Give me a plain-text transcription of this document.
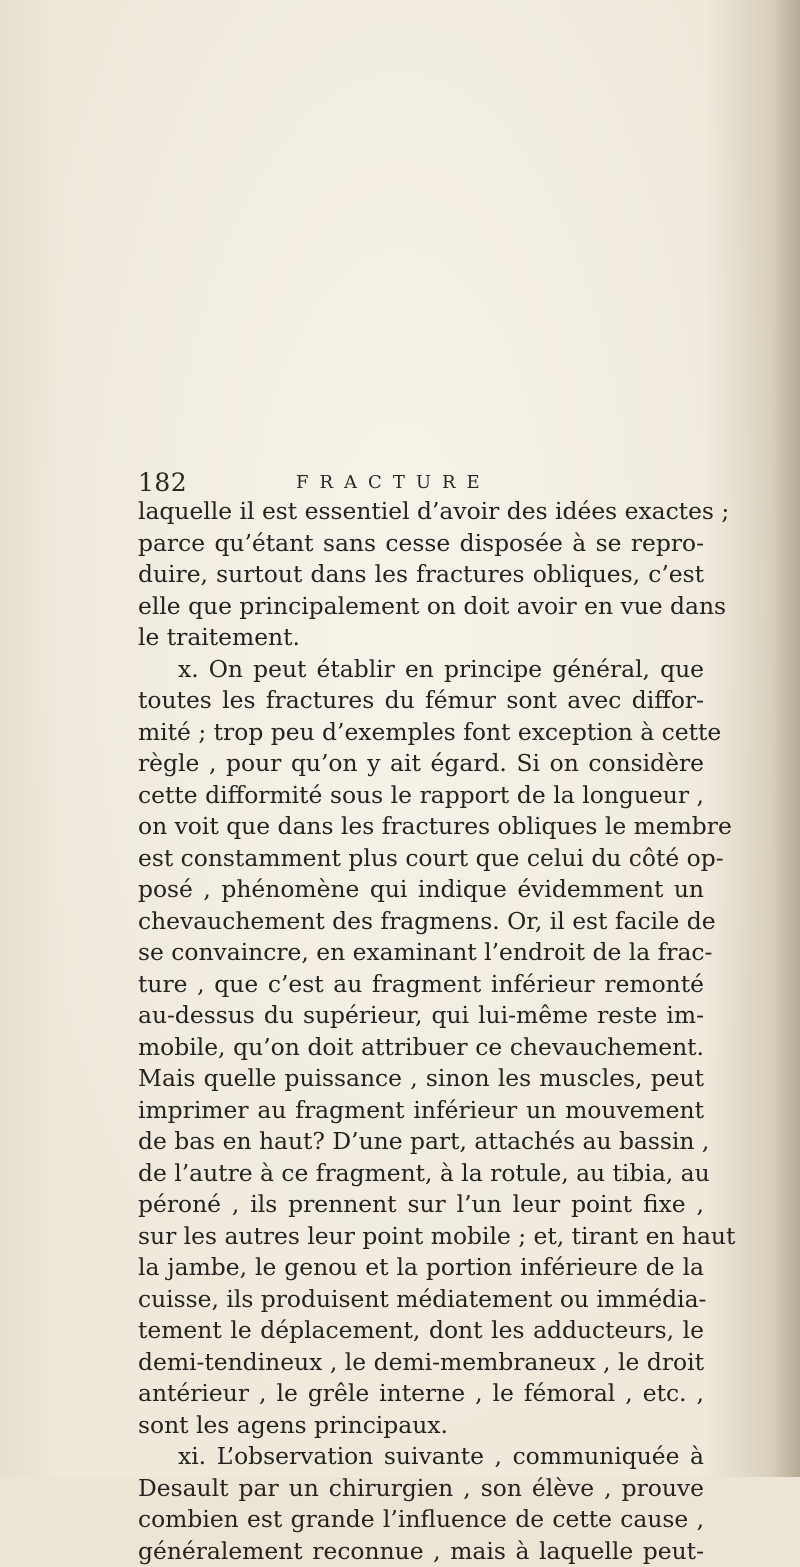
182	FRACTURE
laquelle il est essentiel d’avoir des idées exactes ;
parce qu’étant sans cesse disposée à se repro-
duire, surtout dans les fractures obliques, c’est
elle que principalement on doit avoir en vue dans
le traitement.
x. On peut établir en principe général, que
toutes les fractures du fémur sont avec diffor-
mité ; trop peu d’exemples font exception à cette
règle , pour qu’on y ait égard. Si on considère
cette difformité sous le rapport de la longueur ,
on voit que dans les fractures obliques le membre
est constamment plus court que celui du côté op-
posé , phénomène qui indique évidemment un
chevauchement des fragmens. Or, il est facile de
se convaincre, en examinant l’endroit de la frac-
ture , que c’est au fragment inférieur remonté
au-dessus du supérieur, qui lui-même reste im-
mobile, qu’on doit attribuer ce chevauchement.
Mais quelle puissance , sinon les muscles, peut
imprimer au fragment inférieur un mouvement
de bas en haut? D’une part, attachés au bassin ,
de l’autre à ce fragment, à la rotule, au tibia, au
péroné , ils prennent sur l’un leur point fixe ,
sur les autres leur point mobile ; et, tirant en haut
la jambe, le genou et la portion inférieure de la
cuisse, ils produisent médiatement ou immédia-
tement le déplacement, dont les adducteurs, le
demi-tendineux , le demi-membraneux , le droit
antérieur , le grêle interne , le fémoral , etc. ,
sont les agens principaux.
xi. L’observation suivante , communiquée à
Desault par un chirurgien , son élève , prouve
combien est grande l’influence de cette cause ,
généralement reconnue , mais à laquelle peut-
